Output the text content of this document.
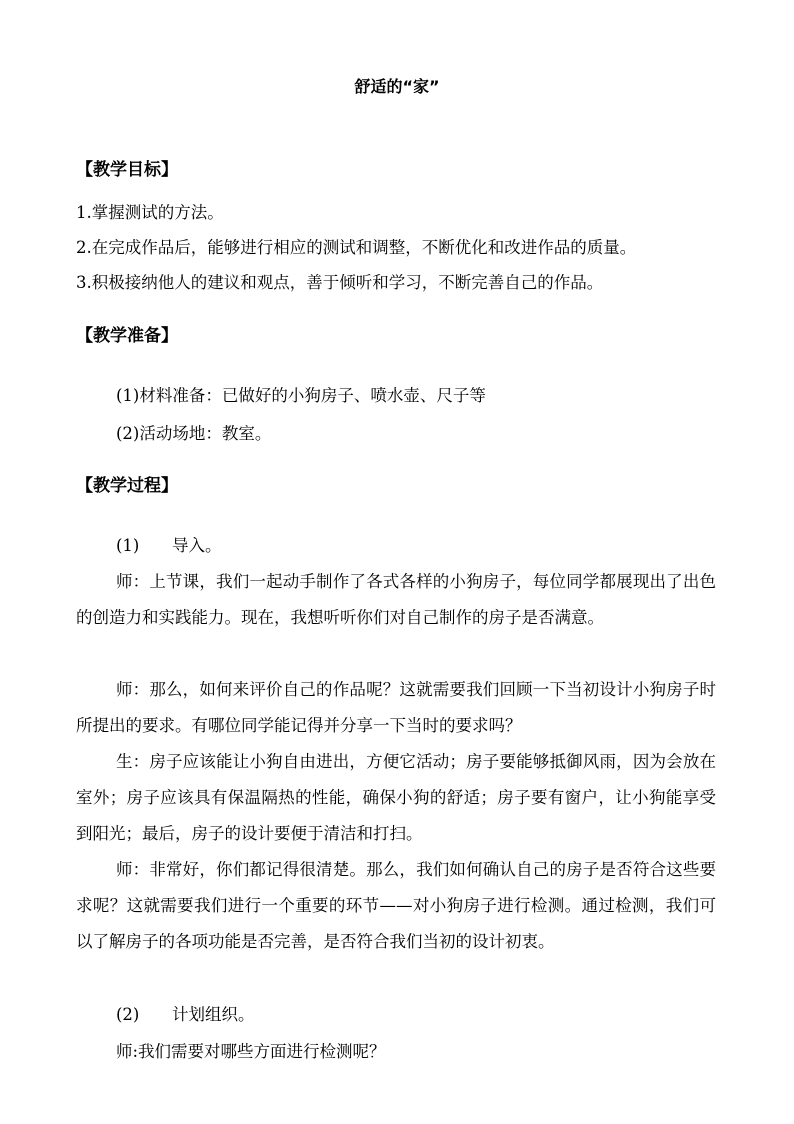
舒适的“家”
【教学目标】
1.掌握测试的方法。
2.在完成作品后，能够进行相应的测试和调整，不断优化和改进作品的质量。
3.积极接纳他人的建议和观点，善于倾听和学习，不断完善自己的作品。
【教学准备】
(1)材料准备：已做好的小狗房子、喷水壶、尺子等
(2)活动场地：教室。
【教学过程】
(1) 导入。
师：上节课，我们一起动手制作了各式各样的小狗房子，每位同学都展现出了出色的创造力和实践能力。现在，我想听听你们对自己制作的房子是否满意。
师：那么，如何来评价自己的作品呢？这就需要我们回顾一下当初设计小狗房子时所提出的要求。有哪位同学能记得并分享一下当时的要求吗？
生：房子应该能让小狗自由进出，方便它活动；房子要能够抵御风雨，因为会放在室外；房子应该具有保温隔热的性能，确保小狗的舒适；房子要有窗户，让小狗能享受到阳光；最后，房子的设计要便于清洁和打扫。
师：非常好，你们都记得很清楚。那么，我们如何确认自己的房子是否符合这些要求呢？这就需要我们进行一个重要的环节——对小狗房子进行检测。通过检测，我们可以了解房子的各项功能是否完善，是否符合我们当初的设计初衷。
(2) 计划组织。
师:我们需要对哪些方面进行检测呢？
